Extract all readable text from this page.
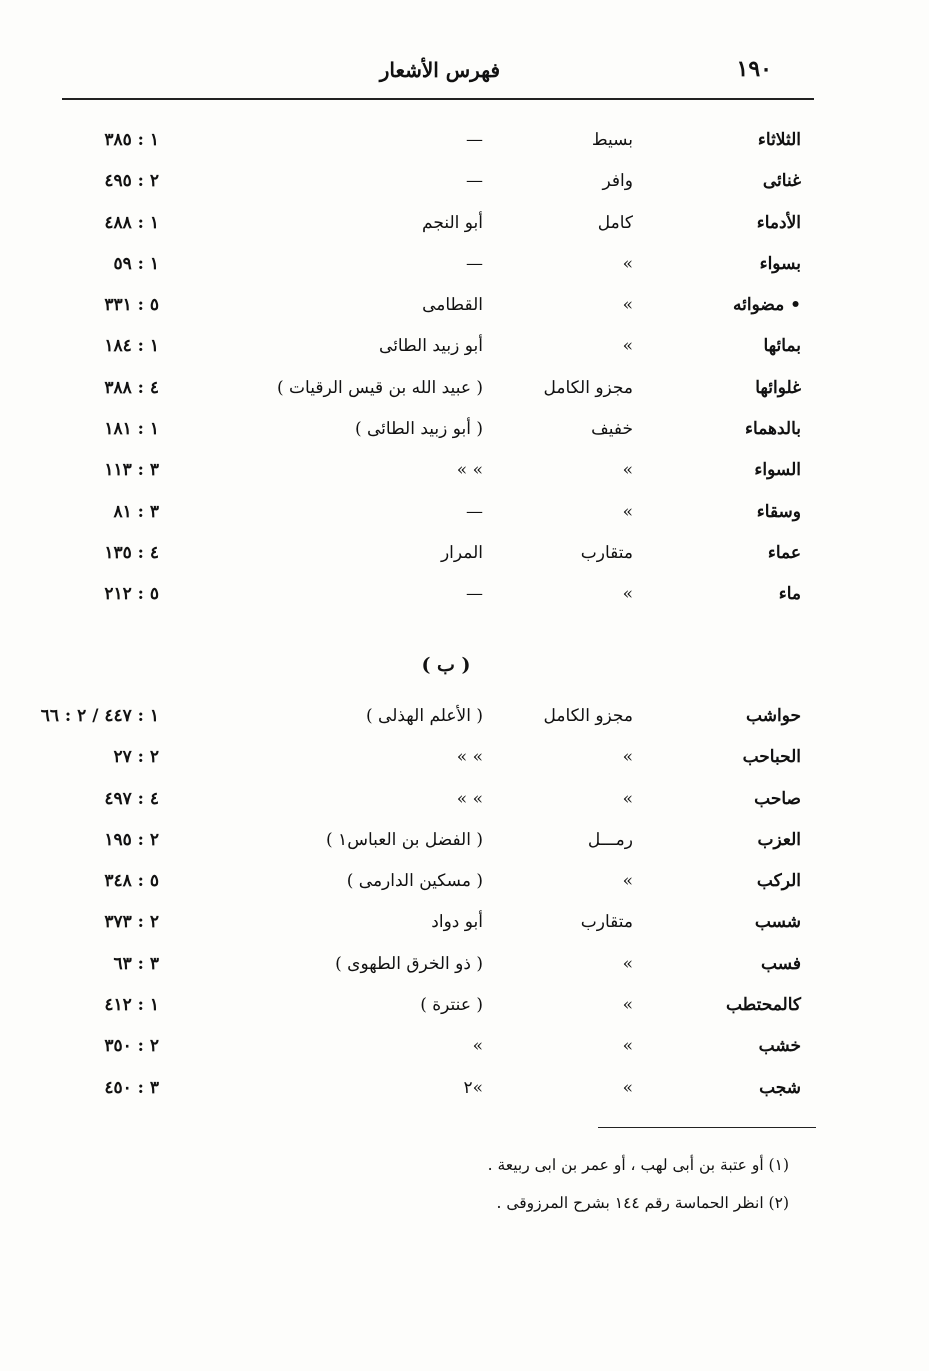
١٩٠
فهرس الأشعار
الثلاثاء
بسيط
—
١ : ٣٨٥
غنائى
وافر
—
٢ : ٤٩٥
الأدماء
كامل
أبو النجم
١ : ٤٨٨
بسواء
»
—
١ : ٥٩
• مضوائه
»
القطامى
٥ : ٣٣١
بمائها
»
أبو زبيد الطائى
١ : ١٨٤
غلوائها
مجزو الكامل
( عبيد الله بن قيس الرقيات )
٤ : ٣٨٨
بالدهماء
خفيف
( أبو زبيد الطائى )
١ : ١٨١
السواء
»
» »
٣ : ١١٣
وسقاء
»
—
٣ : ٨١
عماء
متقارب
المرار
٤ : ١٣٥
ماء
»
—
٥ : ٢١٢
( ب )
حواشب
مجزو الكامل
( الأعلم الهذلى )
١ : ٤٤٧ / ٢ : ٦٦
الحباحب
»
» »
٢ : ٢٧
صاحب
»
» »
٤ : ٤٩٧
العزب
رمـــل
( الفضل بن العباس١ )
٢ : ١٩٥
الركب
»
( مسكين الدارمى )
٥ : ٣٤٨
شسب
متقارب
أبو دواد
٢ : ٣٧٣
فسب
»
( ذو الخرق الطهوى )
٣ : ٦٣
كالمحتطب
»
( عنترة )
١ : ٤١٢
خشب
»
»
٢ : ٣٥٠
شجب
»
»٢
٣ : ٤٥٠
(١) أو عتبة بن أبى لهب ، أو عمر بن ابى ربيعة .
(٢) انظر الحماسة رقم ١٤٤ بشرح المرزوقى .
